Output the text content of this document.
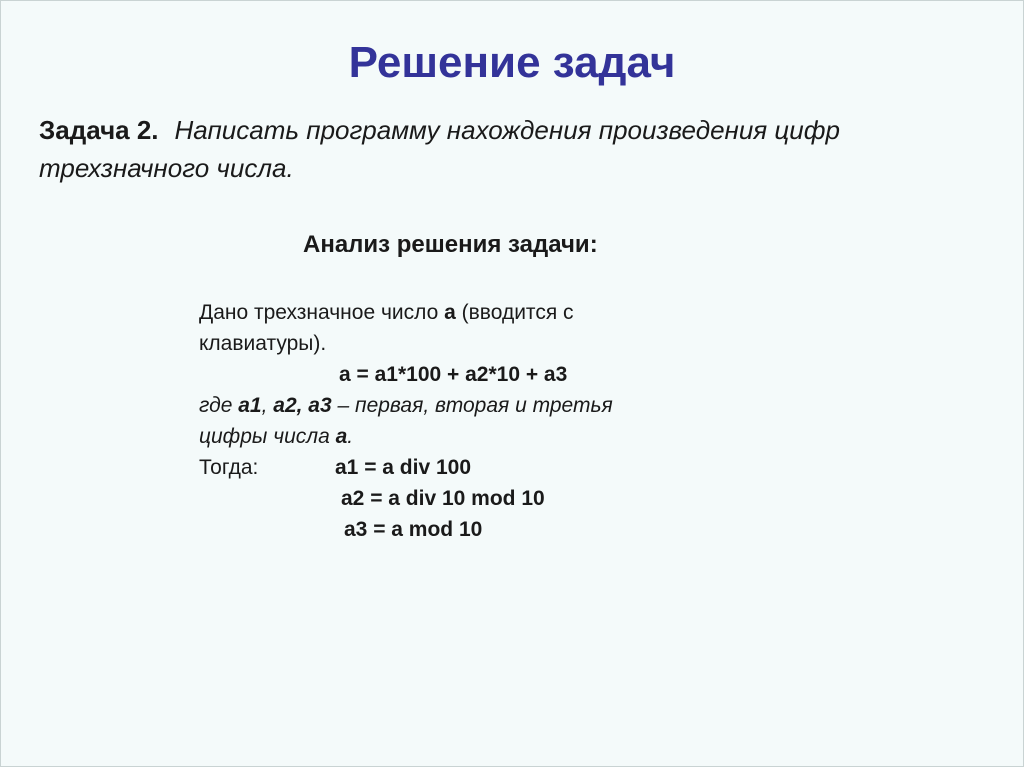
Решение задач
Задача 2. Написать программу нахождения произведения цифр трехзначного числа.
Анализ решения задачи:
Дано трехзначное число а (вводится с
клавиатуры).
а = а1*100 + а2*10 + а3
где а1, а2, а3 – первая, вторая и третья
цифры числа а.
Тогда:	а1 = а div 100
а2 = а div 10 mod 10
а3 = а mod 10
